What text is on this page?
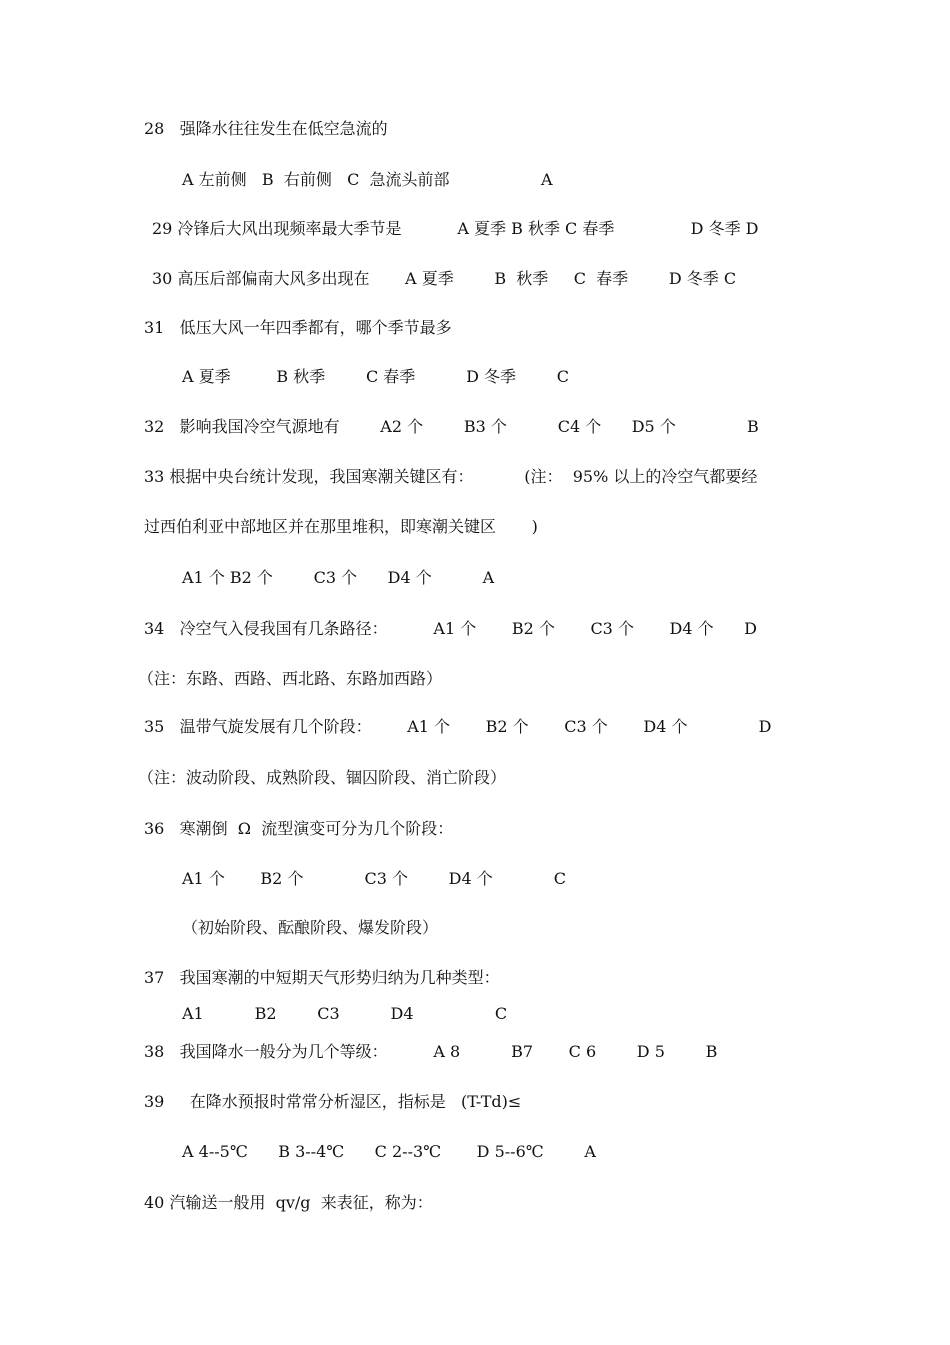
28   强降水往往发生在低空急流的
A 左前侧   B  右前侧   C  急流头前部                  A
29 冷锋后大风出现频率最大季节是           A 夏季 B 秋季 C 春季               D 冬季 D
30 高压后部偏南大风多出现在       A 夏季        B  秋季     C  春季        D 冬季 C
31   低压大风一年四季都有，哪个季节最多
A 夏季         B 秋季        C 春季          D 冬季        C
32   影响我国冷空气源地有        A2 个        B3 个          C4 个      D5 个              B
33 根据中央台统计发现，我国寒潮关键区有：          (注：  95% 以上的冷空气都要经
过西伯利亚中部地区并在那里堆积，即寒潮关键区       )
A1 个 B2 个        C3 个      D4 个          A
34   冷空气入侵我国有几条路径：         A1 个       B2 个       C3 个       D4 个      D
（注：东路、西路、西北路、东路加西路）
35   温带气旋发展有几个阶段：       A1 个       B2 个       C3 个       D4 个              D
（注：波动阶段、成熟阶段、锢囚阶段、消亡阶段）
36   寒潮倒  Ω  流型演变可分为几个阶段：
A1 个       B2 个            C3 个        D4 个            C
（初始阶段、酝酿阶段、爆发阶段）
37   我国寒潮的中短期天气形势归纳为几种类型：
A1          B2        C3          D4                C
38   我国降水一般分为几个等级：         A 8          B7       C 6        D 5        B
39     在降水预报时常常分析湿区，指标是   (T-Td)≤
A 4--5℃      B 3--4℃      C 2--3℃       D 5--6℃        A
40 汽输送一般用  qv/g  来表征，称为：
